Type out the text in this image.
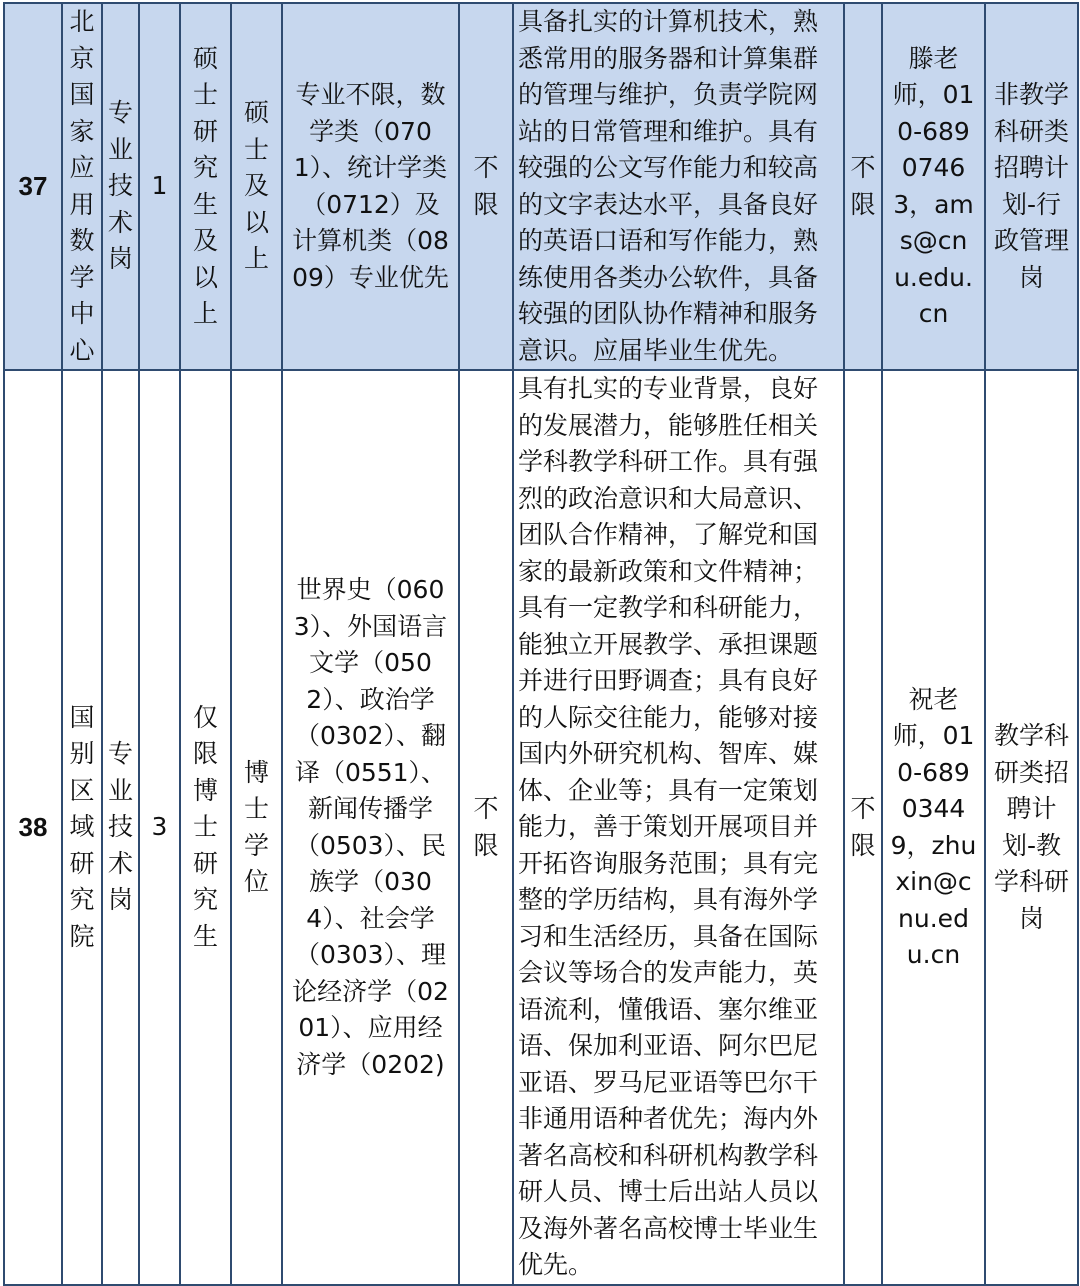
37	北京国家应用数学中心	专业技术岗	1	硕士研究生及以上	硕士及以上	专业不限，数学类（0701）、统计学类（0712）及计算机类（0809）专业优先	不限	具备扎实的计算机技术，熟悉常用的服务器和计算集群的管理与维护，负责学院网站的日常管理和维护。具有较强的公文写作能力和较高的文字表达水平，具备良好的英语口语和写作能力，熟练使用各类办公软件，具备较强的团队协作精神和服务意识。应届毕业生优先。	不限	滕老师，010-68907463，ams@cnu.edu.cn	非教学科研类招聘计划-行政管理岗

38	国别区域研究院	专业技术岗	3	仅限博士研究生	博士学位	世界史（0603）、外国语言文学（0502）、政治学（0302）、翻译（0551）、新闻传播学（0503）、民族学（0304）、社会学（0303）、理论经济学（0201）、应用经济学（0202)	不限	具有扎实的专业背景，良好的发展潜力，能够胜任相关学科教学科研工作。具有强烈的政治意识和大局意识、团队合作精神，了解党和国家的最新政策和文件精神；具有一定教学和科研能力，能独立开展教学、承担课题并进行田野调查；具有良好的人际交往能力，能够对接国内外研究机构、智库、媒体、企业等；具有一定策划能力，善于策划开展项目并开拓咨询服务范围；具有完整的学历结构，具有海外学习和生活经历，具备在国际会议等场合的发声能力，英语流利，懂俄语、塞尔维亚语、保加利亚语、阿尔巴尼亚语、罗马尼亚语等巴尔干非通用语种者优先；海内外著名高校和科研机构教学科研人员、博士后出站人员以及海外著名高校博士毕业生优先。	不限	祝老师，010-68903449，zhuxin@cnu.edu.cn	教学科研类招聘计划-教学科研岗
